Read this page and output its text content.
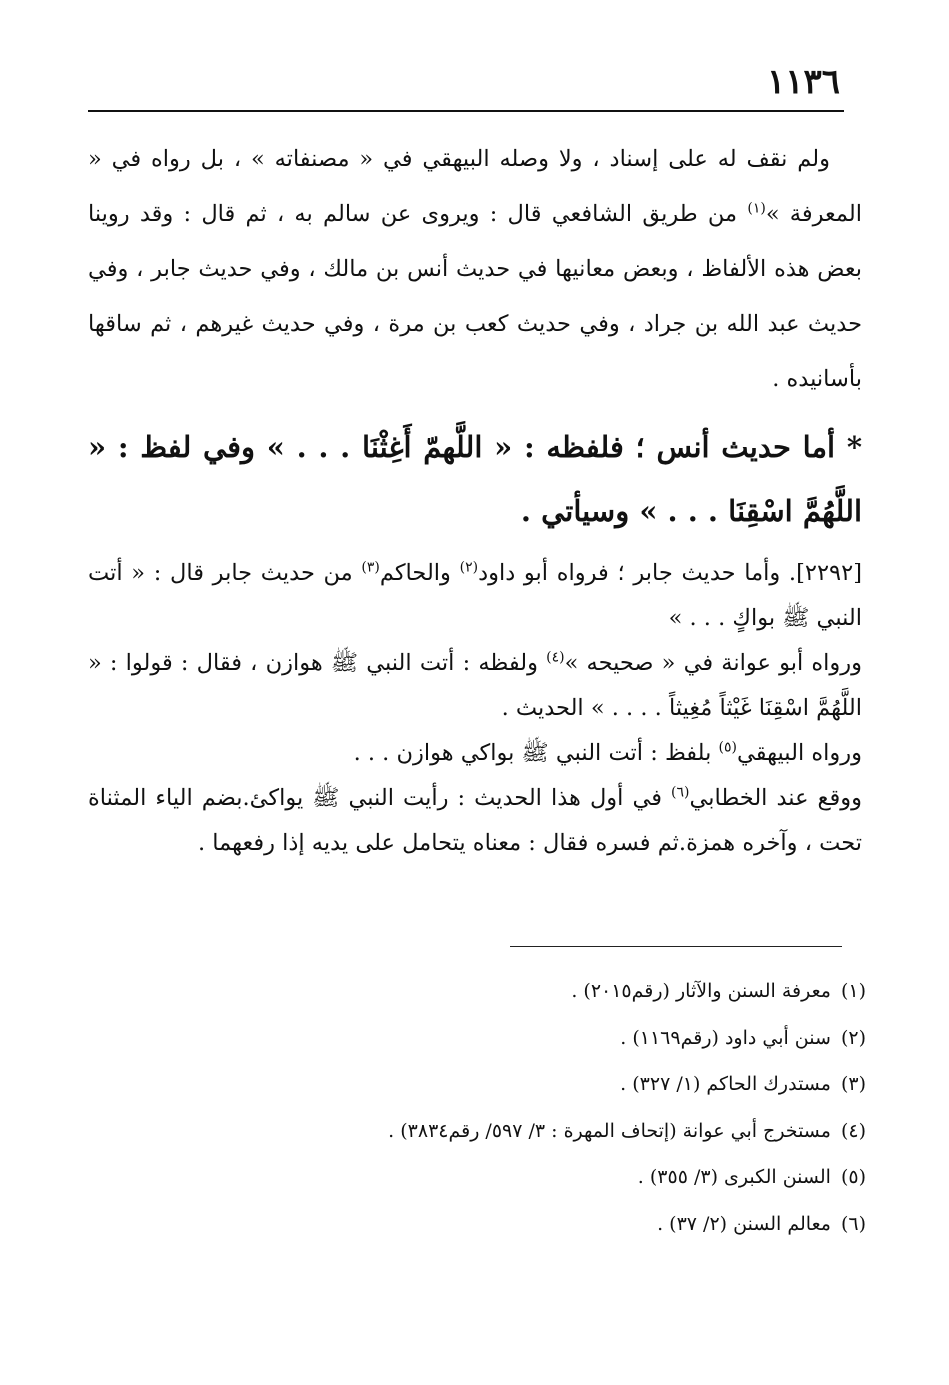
١١٣٦

ولم نقف له على إسناد ، ولا وصله البيهقي في « مصنفاته » ، بل رواه في « المعرفة »$^{(١)}$ من طريق الشافعي قال : ويروى عن سالم به ، ثم قال : وقد روينا بعض هذه الألفاظ ، وبعض معانيها في حديث أنس بن مالك ، وفي حديث جابر ، وفي حديث عبد الله بن جراد ، وفي حديث كعب بن مرة ، وفي حديث غيرهم ، ثم ساقها بأسانيده .

* أما حديث أنس ؛ فلفظه : « اللَّهمّ أَغِثْنَا . . . » وفي لفظ : « اللَّهُمَّ اسْقِنَا . . . » وسيأتي .

[٢٢٩٢]. وأما حديث جابر ؛ فرواه أبو داود$^{(٢)}$ والحاكم$^{(٣)}$ من حديث جابر قال : « أتت النبي ﷺ بواكٍ . . . »

ورواه أبو عوانة في « صحيحه »$^{(٤)}$ ولفظه : أتت النبي ﷺ هوازن ، فقال : قولوا : « اللَّهُمَّ اسْقِنَا غَيْثاً مُغِيثاً . . . . » الحديث .

ورواه البيهقي$^{(٥)}$ بلفظ : أتت النبي ﷺ بواكي هوازن . . .

ووقع عند الخطابي$^{(٦)}$ في أول هذا الحديث : رأيت النبي ﷺ يواكئ.بضم الياء المثناة تحت ، وآخره همزة.ثم فسره فقال : معناه يتحامل على يديه إذا رفعهما .

(١)معرفة السنن والآثار (رقم٢٠١٥) .
(٢)سنن أبي داود (رقم١١٦٩) .
(٣)مستدرك الحاكم (١/ ٣٢٧) .
(٤)مستخرج أبي عوانة (إتحاف المهرة : ٣/ ٥٩٧/ رقم٣٨٣٤) .
(٥)السنن الكبرى (٣/ ٣٥٥) .
(٦)معالم السنن (٢/ ٣٧) .
